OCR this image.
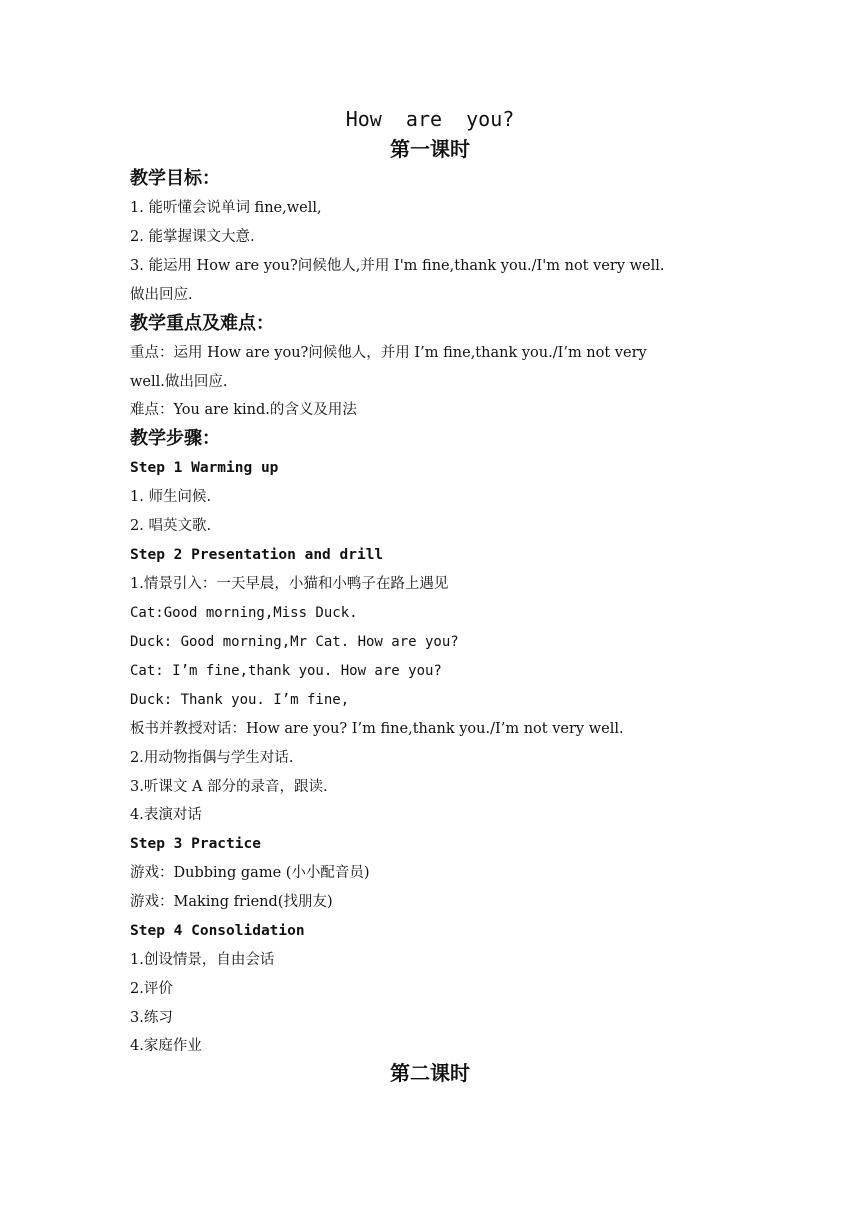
How  are  you?
第一课时
教学目标：
1. 能听懂会说单词 fine,well,
2. 能掌握课文大意.
3. 能运用 How are you?问候他人,并用 I'm fine,thank you./I'm not very well.
做出回应.
教学重点及难点：
重点：运用 How are you?问候他人，并用 I’m fine,thank you./I’m not very
well.做出回应.
难点：You are kind.的含义及用法
教学步骤：
Step 1 Warming up
1. 师生问候.
2. 唱英文歌.
Step 2 Presentation and drill
1.情景引入：一天早晨，小猫和小鸭子在路上遇见
Cat:Good morning,Miss Duck.
Duck: Good morning,Mr Cat. How are you?
Cat: I’m fine,thank you. How are you?
Duck: Thank you. I’m fine,
板书并教授对话：How are you? I’m fine,thank you./I’m not very well.
2.用动物指偶与学生对话.
3.听课文 A 部分的录音，跟读.
4.表演对话
Step 3 Practice
游戏：Dubbing game (小小配音员)
游戏：Making friend(找朋友)
Step 4 Consolidation
1.创设情景，自由会话
2.评价
3.练习
4.家庭作业
第二课时
